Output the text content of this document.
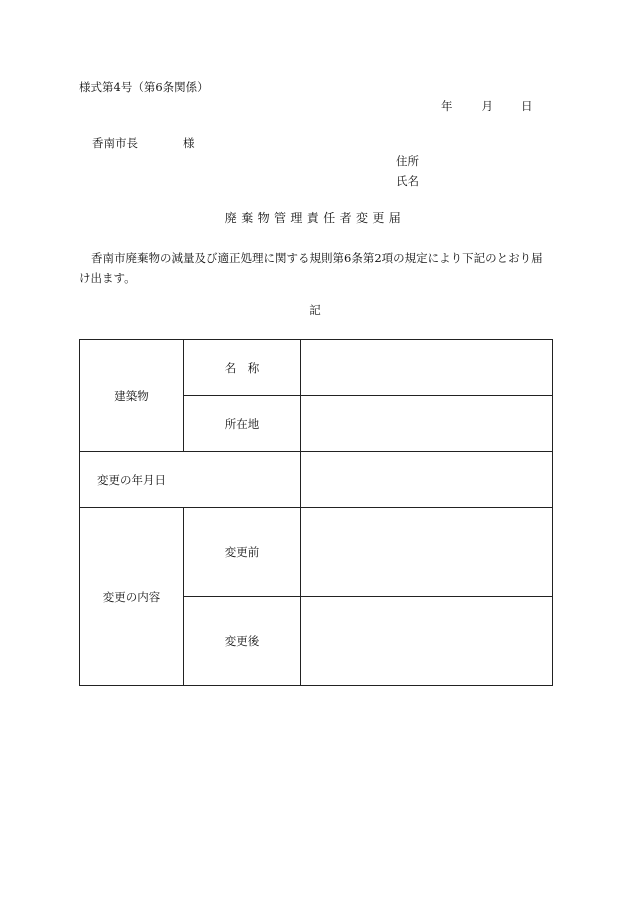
様式第4号（第6条関係）
年	月 日
香南市長	様
住所
氏名
廃棄物管理責任者変更届
香南市廃棄物の減量及び適正処理に関する規則第6条第2項の規定により下記のとおり届け出ます。
記
建築物	名　称	
	所在地	
変更の年月日		
変更の内容	変更前	
	変更後	
